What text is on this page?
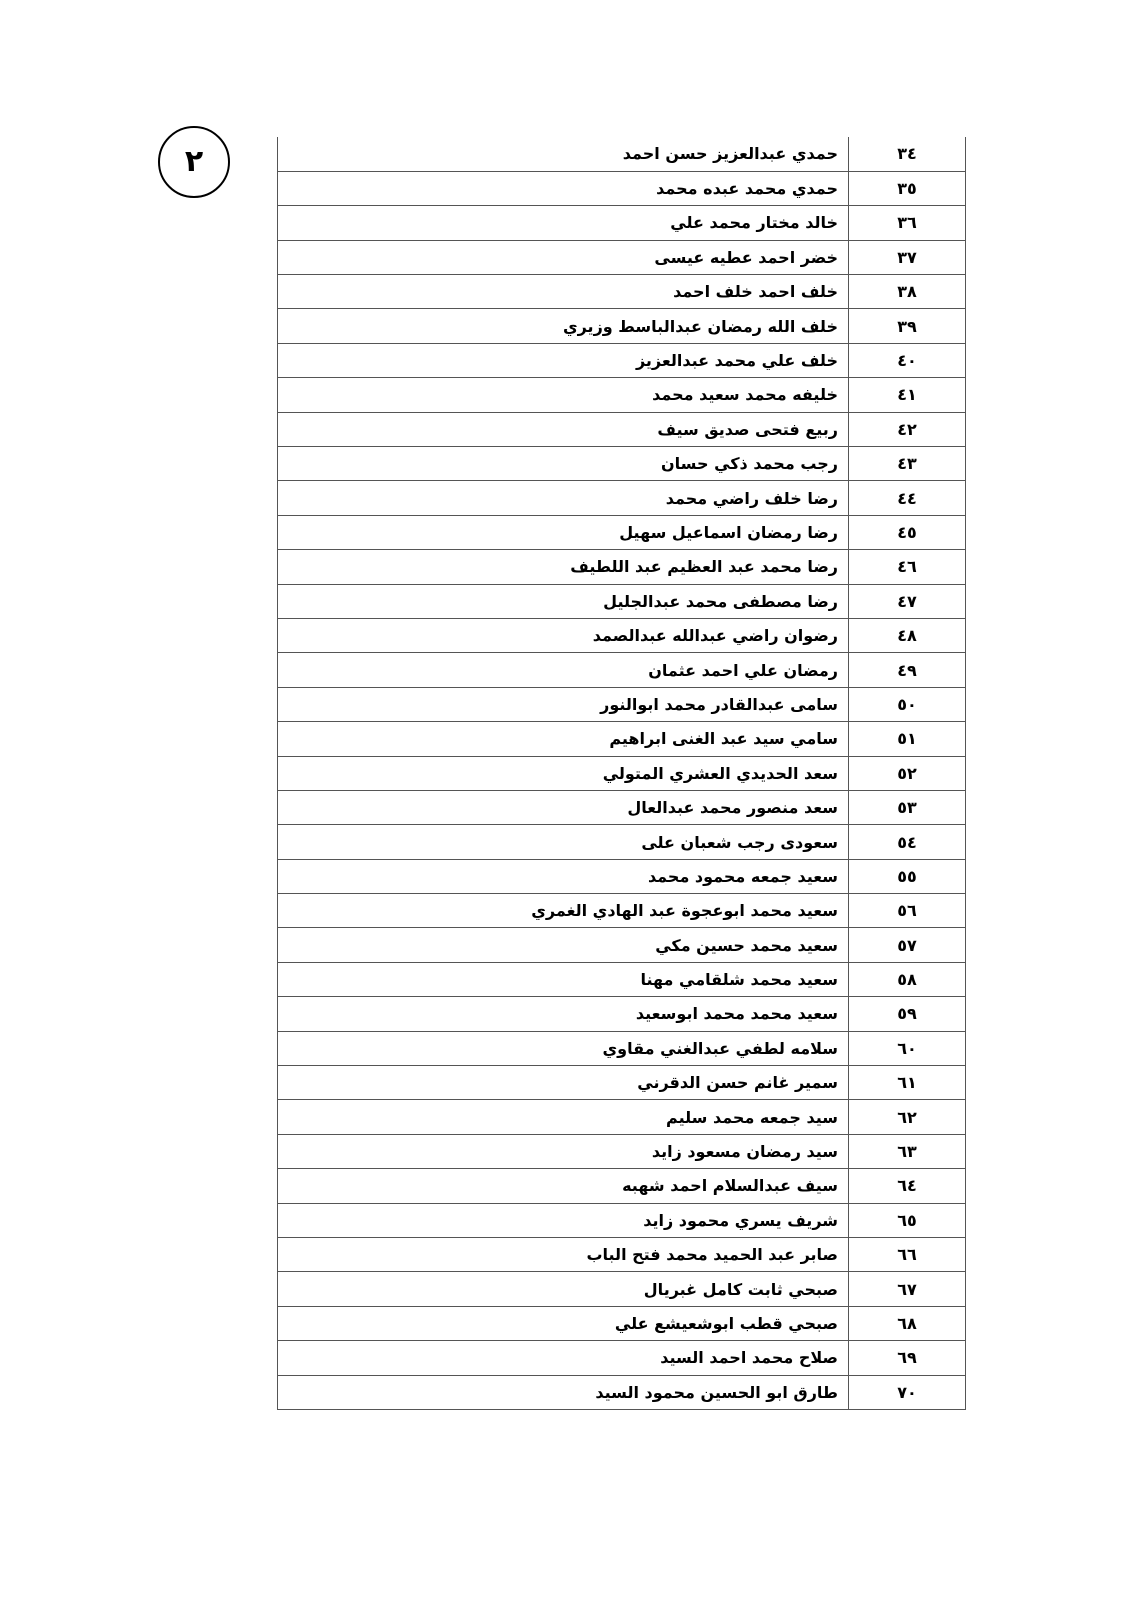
٢	٣٤	حمدي عبدالعزيز حسن احمد
٣٥	حمدي محمد عبده محمد
٣٦	خالد مختار محمد علي
٣٧	خضر احمد عطيه عيسى
٣٨	خلف احمد خلف احمد
٣٩	خلف الله رمضان عبدالباسط وزيري
٤٠	خلف علي محمد عبدالعزيز
٤١	خليفه محمد سعيد محمد
٤٢	ربيع فتحى صديق سيف
٤٣	رجب محمد ذكي حسان
٤٤	رضا خلف راضي محمد
٤٥	رضا رمضان اسماعيل سهيل
٤٦	رضا محمد عبد العظيم عبد اللطيف
٤٧	رضا مصطفى محمد عبدالجليل
٤٨	رضوان راضي عبدالله عبدالصمد
٤٩	رمضان علي احمد عثمان
٥٠	سامى عبدالقادر محمد ابوالنور
٥١	سامي سيد عبد الغنى ابراهيم
٥٢	سعد الحديدي العشري المتولي
٥٣	سعد منصور محمد عبدالعال
٥٤	سعودى رجب شعبان على
٥٥	سعيد جمعه محمود محمد
٥٦	سعيد محمد ابوعجوة عبد الهادي الغمري
٥٧	سعيد محمد حسين مكي
٥٨	سعيد محمد شلقامي مهنا
٥٩	سعيد محمد محمد ابوسعيد
٦٠	سلامه لطفي عبدالغني مقاوي
٦١	سمير غانم حسن الدقرني
٦٢	سيد جمعه محمد سليم
٦٣	سيد رمضان مسعود زايد
٦٤	سيف عبدالسلام احمد شهبه
٦٥	شريف يسري محمود زايد
٦٦	صابر عبد الحميد محمد فتح الباب
٦٧	صبحي ثابت كامل غبريال
٦٨	صبحي قطب ابوشعيشع علي
٦٩	صلاح محمد احمد السيد
٧٠	طارق ابو الحسين محمود السيد
